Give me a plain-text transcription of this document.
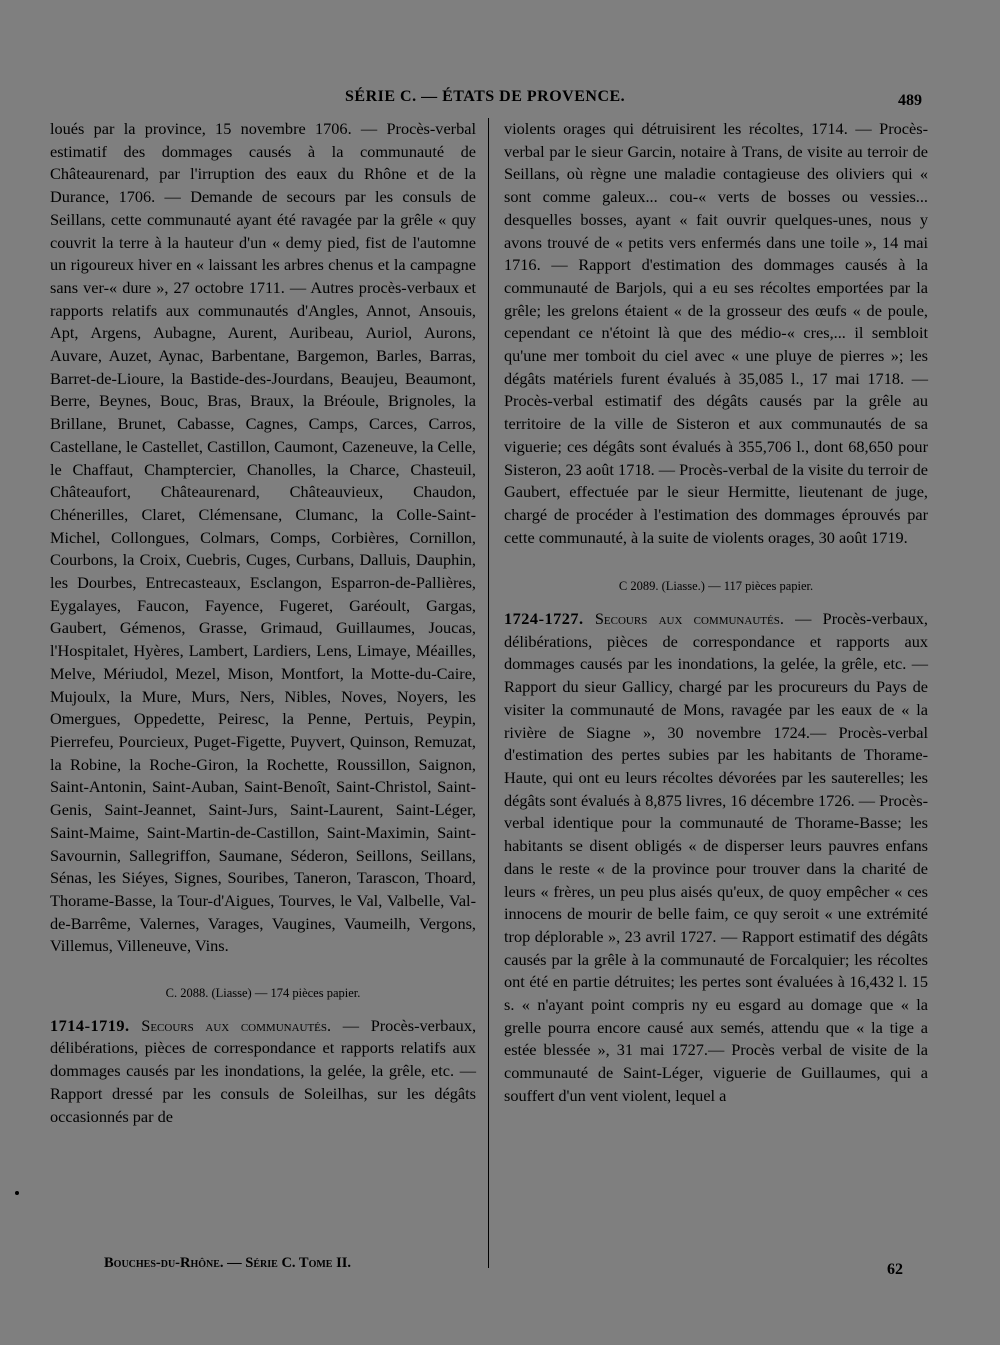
SÉRIE C. — ÉTATS DE PROVENCE.	489

loués par la province, 15 novembre 1706. — Procès-verbal estimatif des dommages causés à la communauté de Châteaurenard, par l'irruption des eaux du Rhône et de la Durance, 1706. — Demande de secours par les consuls de Seillans, cette communauté ayant été ravagée par la grêle « quy couvrit la terre à la hauteur d'un « demy pied, fist de l'automne un rigoureux hiver en « laissant les arbres chenus et la campagne sans ver-« dure », 27 octobre 1711. — Autres procès-verbaux et rapports relatifs aux communautés d'Angles, Annot, Ansouis, Apt, Argens, Aubagne, Aurent, Auribeau, Auriol, Aurons, Auvare, Auzet, Aynac, Barbentane, Bargemon, Barles, Barras, Barret-de-Lioure, la Bastide-des-Jourdans, Beaujeu, Beaumont, Berre, Beynes, Bouc, Bras, Braux, la Bréoule, Brignoles, la Brillane, Brunet, Cabasse, Cagnes, Camps, Carces, Carros, Castellane, le Castellet, Castillon, Caumont, Cazeneuve, la Celle, le Chaffaut, Champtercier, Chanolles, la Charce, Chasteuil, Châteaufort, Châteaurenard, Châteauvieux, Chaudon, Chénerilles, Claret, Clémensane, Clumanc, la Colle-Saint-Michel, Collongues, Colmars, Comps, Corbières, Cornillon, Courbons, la Croix, Cuebris, Cuges, Curbans, Dalluis, Dauphin, les Dourbes, Entrecasteaux, Esclangon, Esparron-de-Pallières, Eygalayes, Faucon, Fayence, Fugeret, Garéoult, Gargas, Gaubert, Gémenos, Grasse, Grimaud, Guillaumes, Joucas, l'Hospitalet, Hyères, Lambert, Lardiers, Lens, Limaye, Méailles, Melve, Mériudol, Mezel, Mison, Montfort, la Motte-du-Caire, Mujoulx, la Mure, Murs, Ners, Nibles, Noves, Noyers, les Omergues, Oppedette, Peiresc, la Penne, Pertuis, Peypin, Pierrefeu, Pourcieux, Puget-Figette, Puyvert, Quinson, Remuzat, la Robine, la Roche-Giron, la Rochette, Roussillon, Saignon, Saint-Antonin, Saint-Auban, Saint-Benoît, Saint-Christol, Saint-Genis, Saint-Jeannet, Saint-Jurs, Saint-Laurent, Saint-Léger, Saint-Maime, Saint-Martin-de-Castillon, Saint-Maximin, Saint-Savournin, Sallegriffon, Saumane, Séderon, Seillons, Seillans, Sénas, les Siéyes, Signes, Souribes, Taneron, Tarascon, Thoard, Thorame-Basse, la Tour-d'Aigues, Tourves, le Val, Valbelle, Val-de-Barrême, Valernes, Varages, Vaugines, Vaumeilh, Vergons, Villemus, Villeneuve, Vins.

C. 2088. (Liasse) — 174 pièces papier.

1714-1719. Secours aux communautés. — Procès-verbaux, délibérations, pièces de correspondance et rapports relatifs aux dommages causés par les inondations, la gelée, la grêle, etc. — Rapport dressé par les consuls de Soleilhas, sur les dégâts occasionnés par de

violents orages qui détruisirent les récoltes, 1714. — Procès-verbal par le sieur Garcin, notaire à Trans, de visite au terroir de Seillans, où règne une maladie contagieuse des oliviers qui « sont comme galeux... cou-« verts de bosses ou vessies... desquelles bosses, ayant « fait ouvrir quelques-unes, nous y avons trouvé de « petits vers enfermés dans une toile », 14 mai 1716. — Rapport d'estimation des dommages causés à la communauté de Barjols, qui a eu ses récoltes emportées par la grêle; les grelons étaient « de la grosseur des œufs « de poule, cependant ce n'étoint là que des médio-« cres,... il sembloit qu'une mer tomboit du ciel avec « une pluye de pierres »; les dégâts matériels furent évalués à 35,085 l., 17 mai 1718. — Procès-verbal estimatif des dégâts causés par la grêle au territoire de la ville de Sisteron et aux communautés de sa viguerie; ces dégâts sont évalués à 355,706 l., dont 68,650 pour Sisteron, 23 août 1718. — Procès-verbal de la visite du terroir de Gaubert, effectuée par le sieur Hermitte, lieutenant de juge, chargé de procéder à l'estimation des dommages éprouvés par cette communauté, à la suite de violents orages, 30 août 1719.

C 2089. (Liasse.) — 117 pièces papier.

1724-1727. Secours aux communautés. — Procès-verbaux, délibérations, pièces de correspondance et rapports aux dommages causés par les inondations, la gelée, la grêle, etc. — Rapport du sieur Gallicy, chargé par les procureurs du Pays de visiter la communauté de Mons, ravagée par les eaux de « la rivière de Siagne », 30 novembre 1724.— Procès-verbal d'estimation des pertes subies par les habitants de Thorame-Haute, qui ont eu leurs récoltes dévorées par les sauterelles; les dégâts sont évalués à 8,875 livres, 16 décembre 1726. — Procès-verbal identique pour la communauté de Thorame-Basse; les habitants se disent obligés « de disperser leurs pauvres enfans dans le reste « de la province pour trouver dans la charité de leurs « frères, un peu plus aisés qu'eux, de quoy empêcher « ces innocens de mourir de belle faim, ce quy seroit « une extrémité trop déplorable », 23 avril 1727. — Rapport estimatif des dégâts causés par la grêle à la communauté de Forcalquier; les récoltes ont été en partie détruites; les pertes sont évaluées à 16,432 l. 15 s. « n'ayant point compris ny eu esgard au domage que « la grelle pourra encore causé aux semés, attendu que « la tige a estée blessée », 31 mai 1727.— Procès verbal de visite de la communauté de Saint-Léger, viguerie de Guillaumes, qui a souffert d'un vent violent, lequel a

Bouches-du-Rhône. — Série C. Tome II.	62
